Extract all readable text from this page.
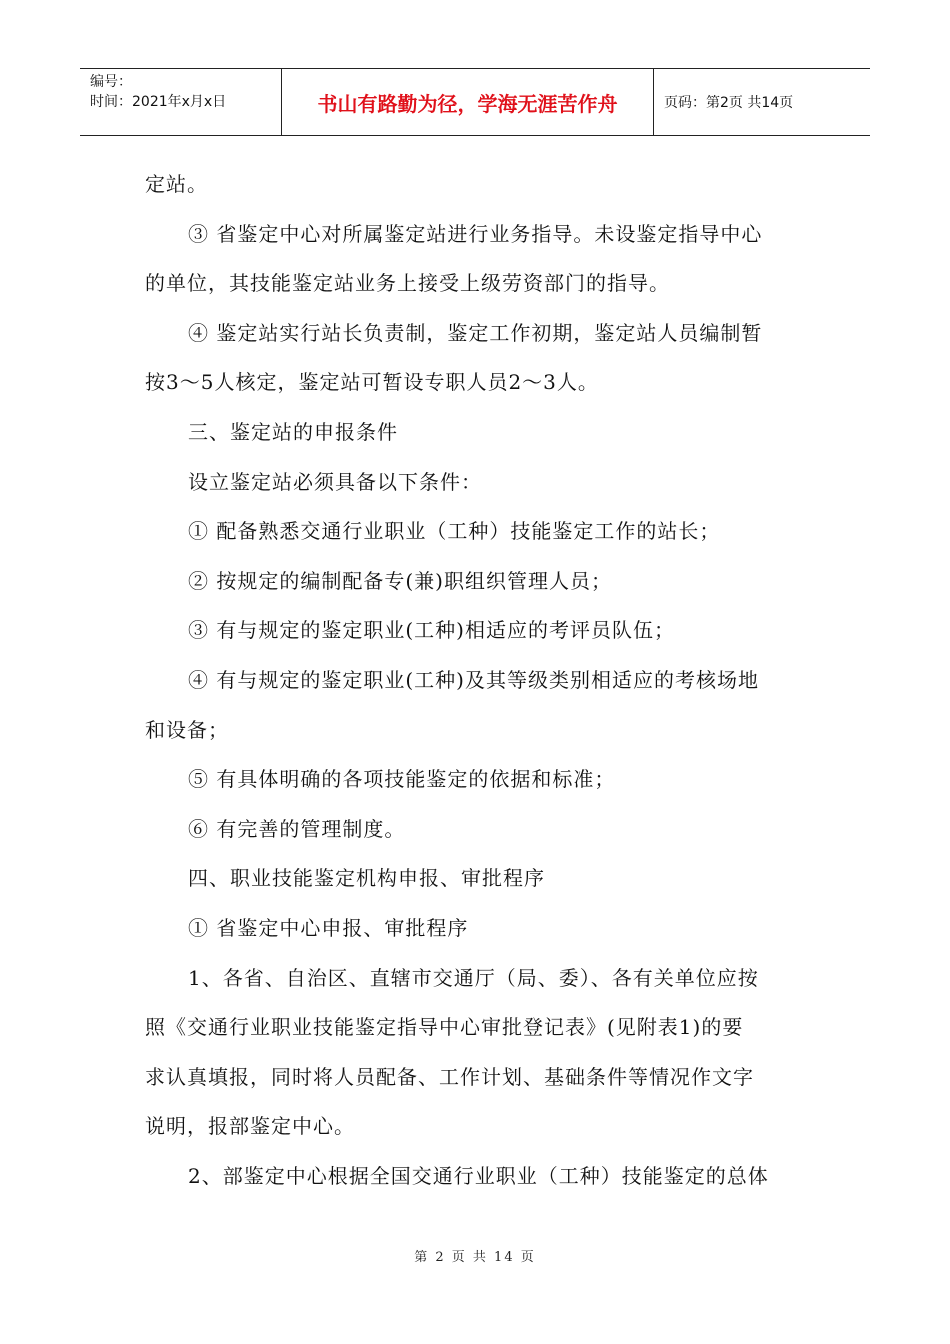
编号：
时间：2021年x月x日	书山有路勤为径，学海无涯苦作舟	页码：第2页 共14页
定站。
③ 省鉴定中心对所属鉴定站进行业务指导。未设鉴定指导中心
的单位，其技能鉴定站业务上接受上级劳资部门的指导。
④ 鉴定站实行站长负责制，鉴定工作初期，鉴定站人员编制暂
按3～5人核定，鉴定站可暂设专职人员2～3人。
三、鉴定站的申报条件
设立鉴定站必须具备以下条件：
① 配备熟悉交通行业职业（工种）技能鉴定工作的站长；
② 按规定的编制配备专(兼)职组织管理人员；
③ 有与规定的鉴定职业(工种)相适应的考评员队伍；
④ 有与规定的鉴定职业(工种)及其等级类别相适应的考核场地
和设备；
⑤ 有具体明确的各项技能鉴定的依据和标准；
⑥ 有完善的管理制度。
四、职业技能鉴定机构申报、审批程序
① 省鉴定中心申报、审批程序
1、各省、自治区、直辖市交通厅（局、委）、各有关单位应按
照《交通行业职业技能鉴定指导中心审批登记表》(见附表1)的要
求认真填报，同时将人员配备、工作计划、基础条件等情况作文字
说明，报部鉴定中心。
2、部鉴定中心根据全国交通行业职业（工种）技能鉴定的总体
第 2 页 共 14 页
